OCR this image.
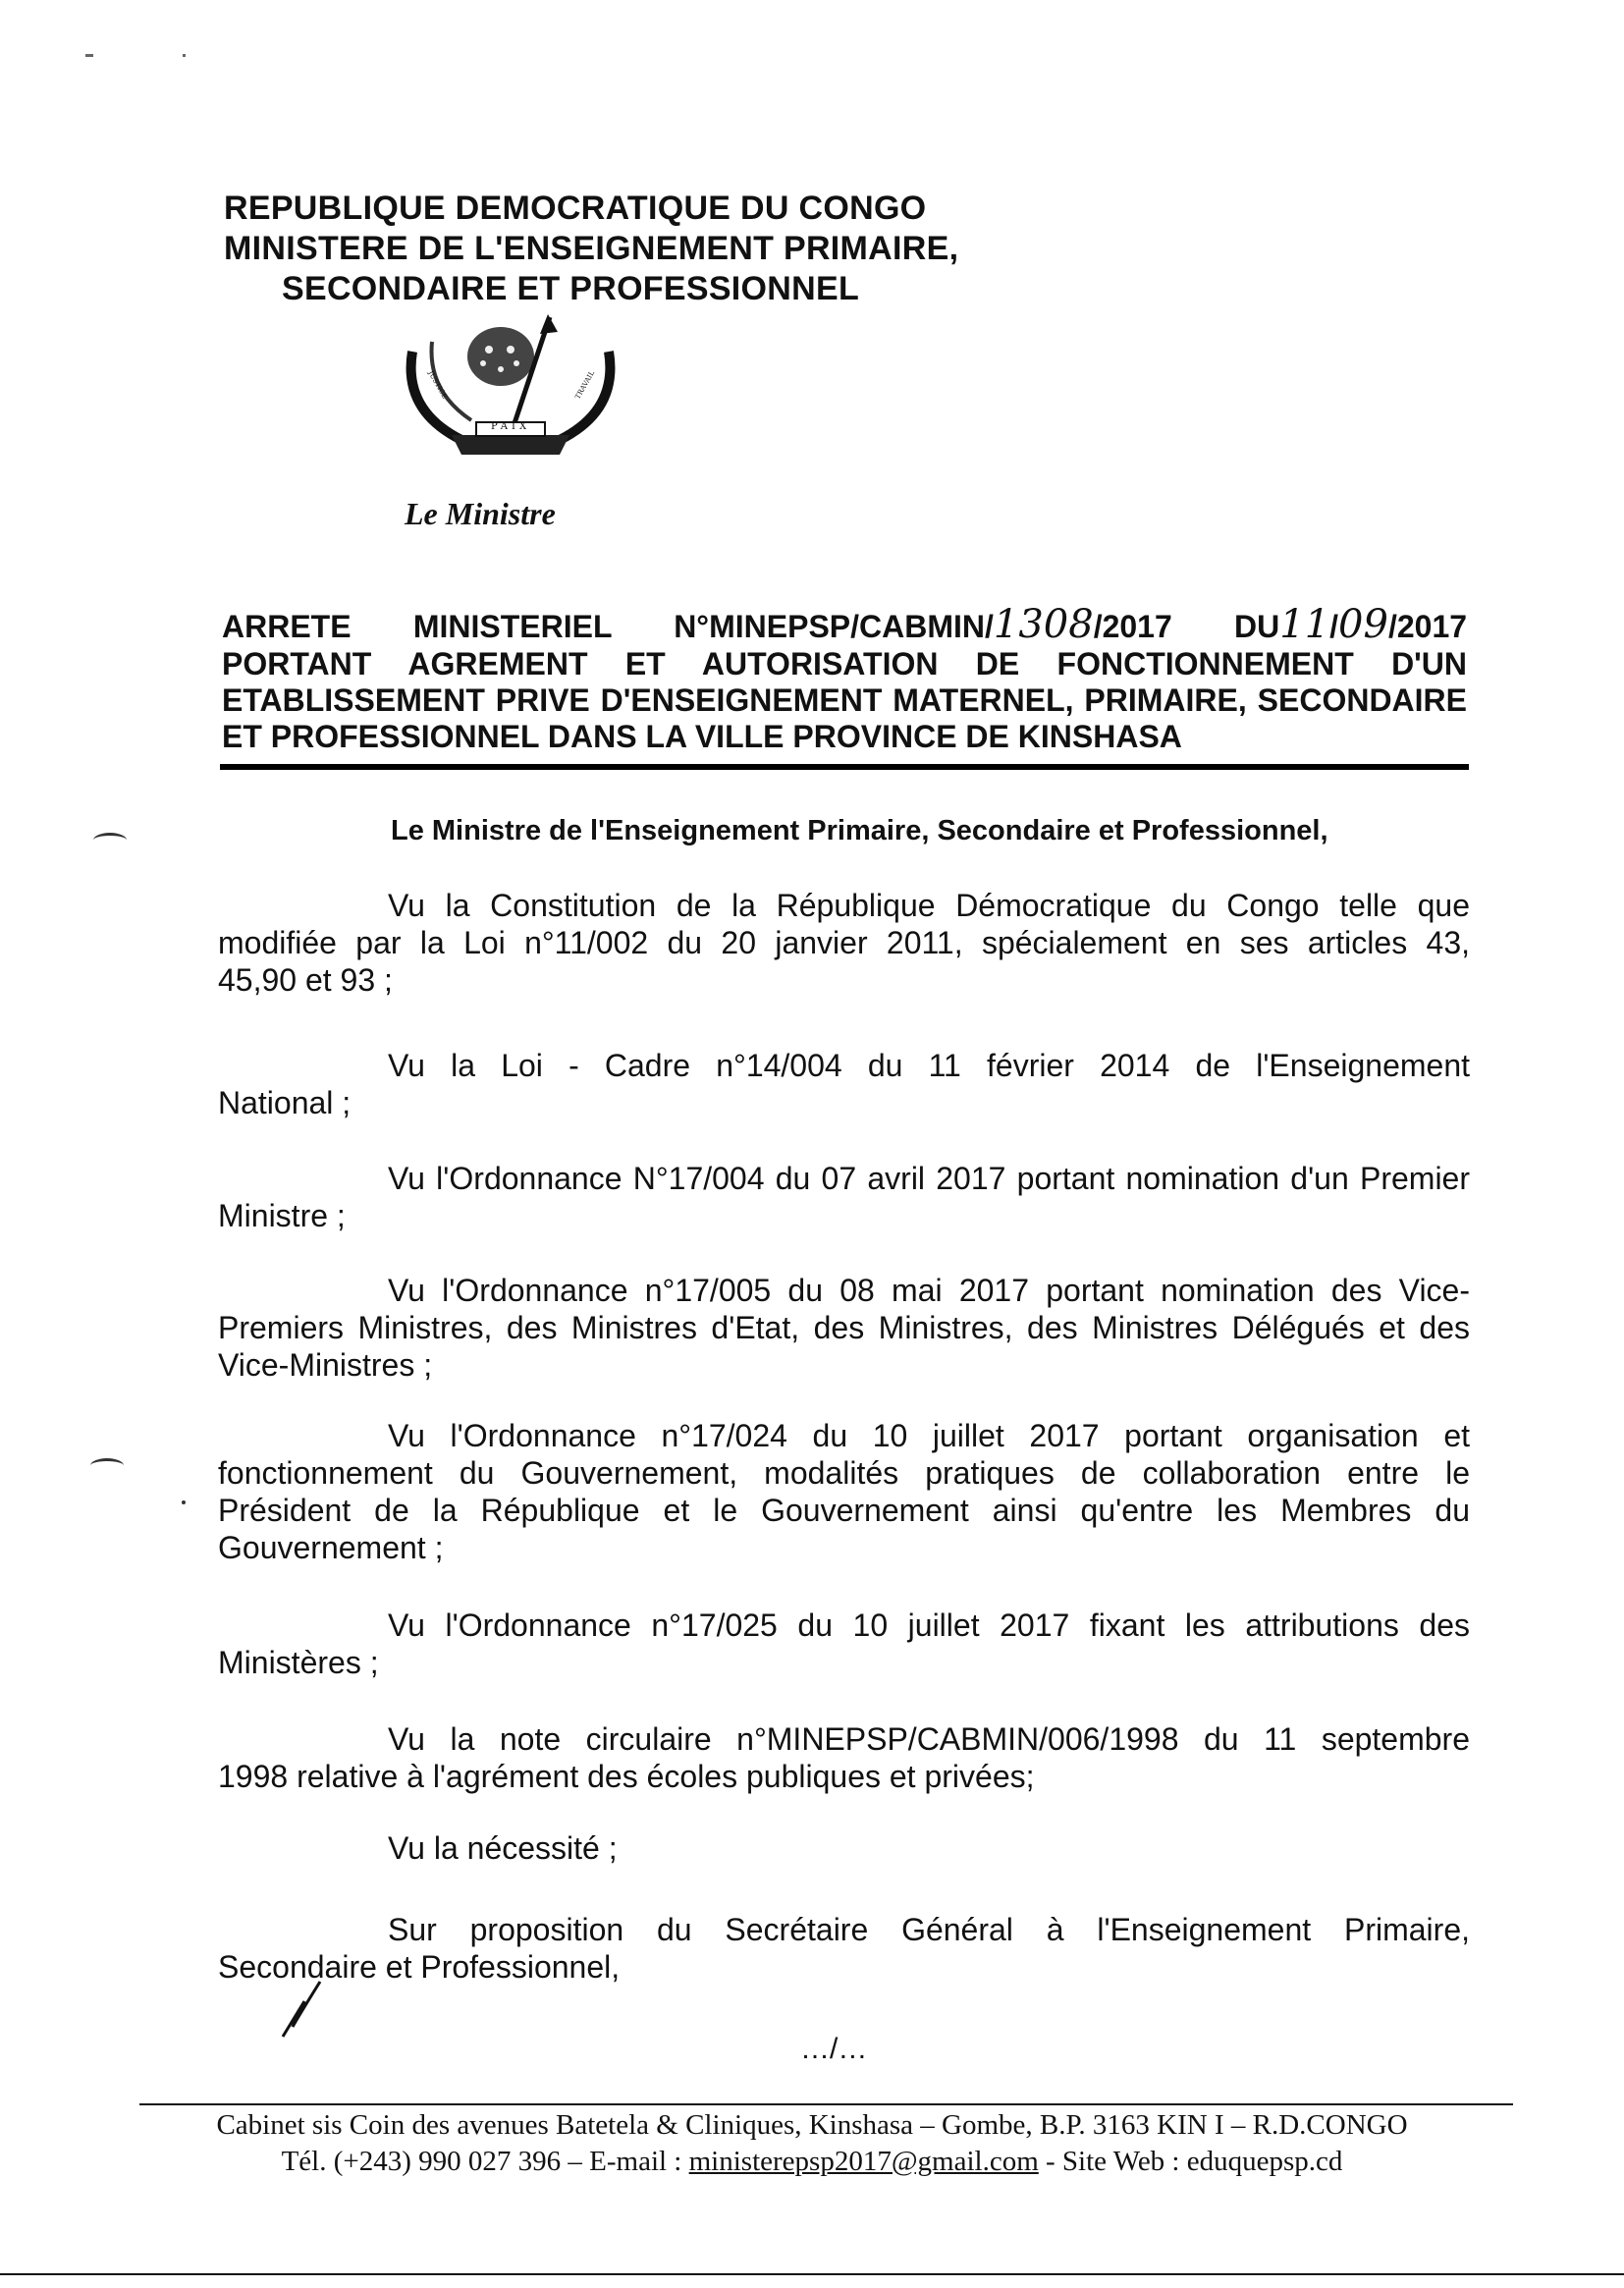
REPUBLIQUE DEMOCRATIQUE DU CONGO
MINISTERE DE L'ENSEIGNEMENT PRIMAIRE,
SECONDAIRE ET PROFESSIONNEL
PAIX
JUSTICE	TRAVAIL
Le Ministre
ARRETE MINISTERIEL N°MINEPSP/CABMIN/1308/2017 DU11/09/2017
PORTANT AGREMENT ET AUTORISATION DE FONCTIONNEMENT D'UN
ETABLISSEMENT PRIVE D'ENSEIGNEMENT MATERNEL, PRIMAIRE, SECONDAIRE
ET PROFESSIONNEL DANS LA VILLE PROVINCE DE KINSHASA
Le Ministre de l'Enseignement Primaire, Secondaire et Professionnel,
Vu la Constitution de la République Démocratique du Congo telle que
modifiée par la Loi n°11/002 du 20 janvier 2011, spécialement en ses articles 43,
45,90 et 93 ;
Vu la Loi - Cadre n°14/004 du 11 février 2014 de l'Enseignement
National ;
Vu l'Ordonnance N°17/004 du 07 avril 2017 portant nomination d'un Premier
Ministre ;
Vu l'Ordonnance n°17/005 du 08 mai 2017 portant nomination des Vice-
Premiers Ministres, des Ministres d'Etat, des Ministres, des Ministres Délégués et des
Vice-Ministres ;
Vu l'Ordonnance n°17/024 du 10 juillet 2017 portant organisation et
fonctionnement du Gouvernement, modalités pratiques de collaboration entre le
Président de la République et le Gouvernement ainsi qu'entre les Membres du
Gouvernement ;
Vu l'Ordonnance n°17/025 du 10 juillet 2017 fixant les attributions des
Ministères ;
Vu la note circulaire n°MINEPSP/CABMIN/006/1998 du 11 septembre
1998 relative à l'agrément des écoles publiques et privées;
Vu la nécessité ;
Sur proposition du Secrétaire Général à l'Enseignement Primaire,
Secondaire et Professionnel,
…/…
Cabinet sis Coin des avenues Batetela & Cliniques, Kinshasa – Gombe, B.P. 3163 KIN I – R.D.CONGO
Tél. (+243) 990 027 396 – E-mail : ministerepsp2017@gmail.com - Site Web : eduquepsp.cd
